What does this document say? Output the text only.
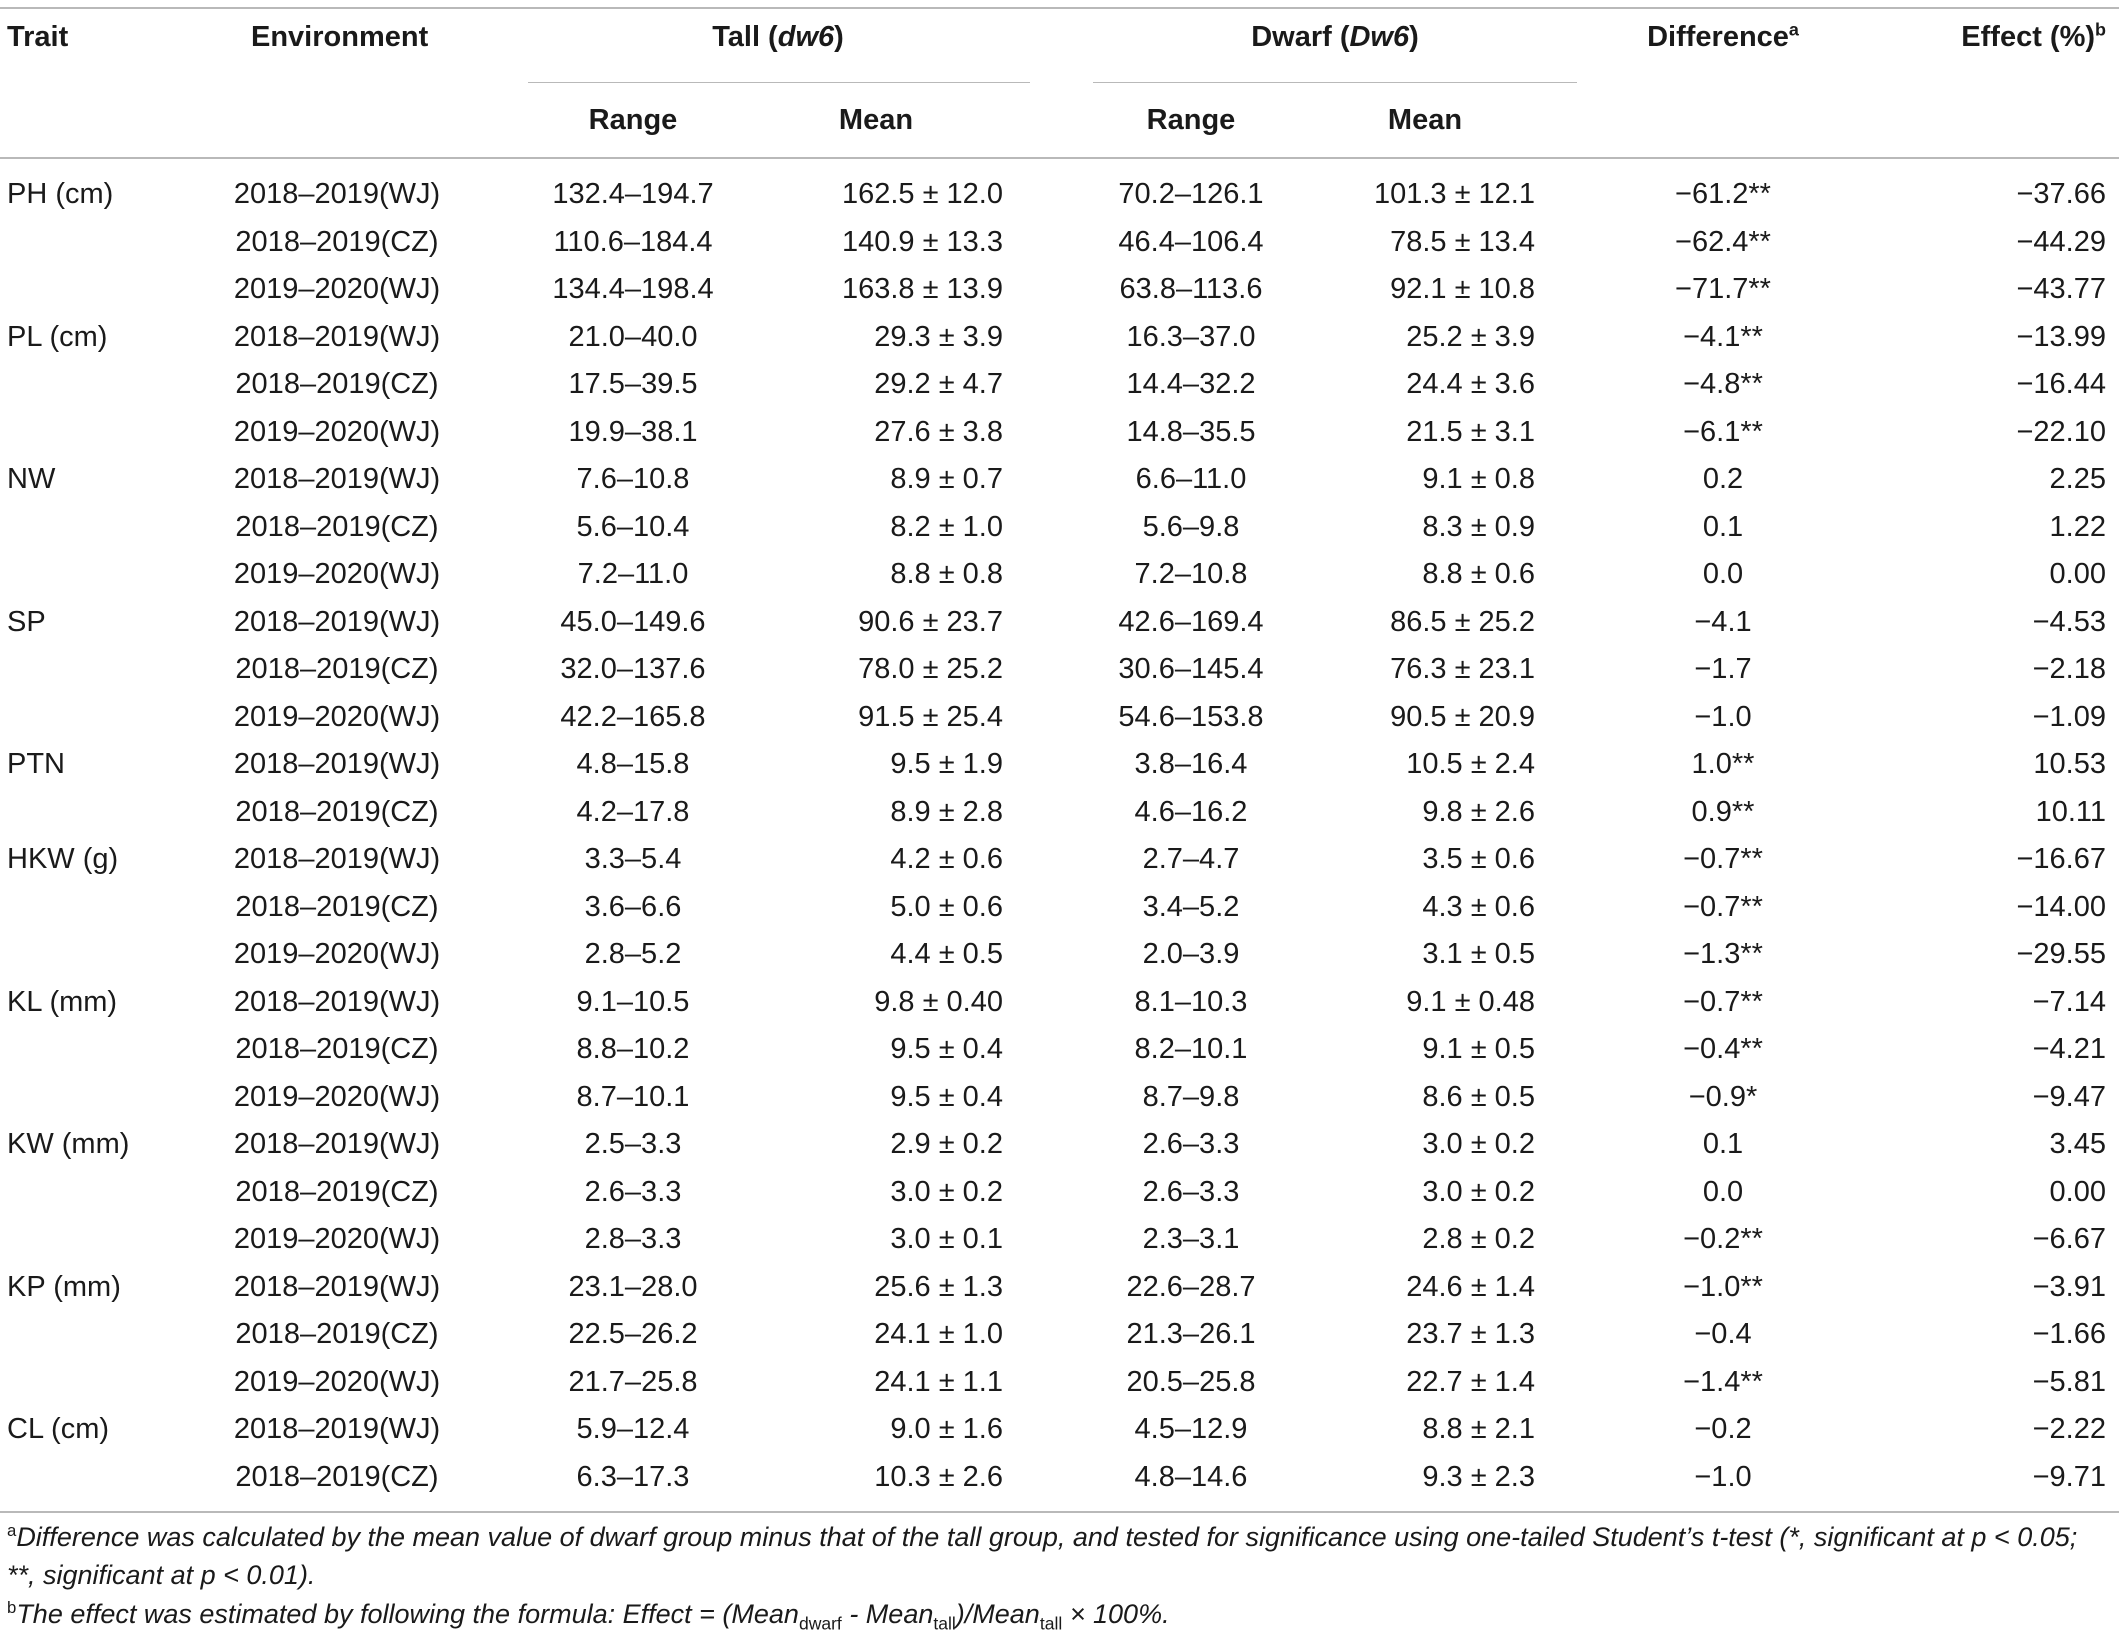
Trait	Environment	Tall (dw6)	Dwarf (Dw6)	Difference$^a$	Effect (%)$^b$
Range	Mean	Range	Mean
PH (cm)	2018–2019(WJ)	132.4–194.7	162.5 ± 12.0	70.2–126.1	101.3 ± 12.1	−61.2**	−37.66
2018–2019(CZ)	110.6–184.4	140.9 ± 13.3	46.4–106.4	78.5 ± 13.4	−62.4**	−44.29
2019–2020(WJ)	134.4–198.4	163.8 ± 13.9	63.8–113.6	92.1 ± 10.8	−71.7**	−43.77
PL (cm)	2018–2019(WJ)	21.0–40.0	29.3 ± 3.9	16.3–37.0	25.2 ± 3.9	−4.1**	−13.99
2018–2019(CZ)	17.5–39.5	29.2 ± 4.7	14.4–32.2	24.4 ± 3.6	−4.8**	−16.44
2019–2020(WJ)	19.9–38.1	27.6 ± 3.8	14.8–35.5	21.5 ± 3.1	−6.1**	−22.10
NW	2018–2019(WJ)	7.6–10.8	8.9 ± 0.7	6.6–11.0	9.1 ± 0.8	0.2	2.25
2018–2019(CZ)	5.6–10.4	8.2 ± 1.0	5.6–9.8	8.3 ± 0.9	0.1	1.22
2019–2020(WJ)	7.2–11.0	8.8 ± 0.8	7.2–10.8	8.8 ± 0.6	0.0	0.00
SP	2018–2019(WJ)	45.0–149.6	90.6 ± 23.7	42.6–169.4	86.5 ± 25.2	−4.1	−4.53
2018–2019(CZ)	32.0–137.6	78.0 ± 25.2	30.6–145.4	76.3 ± 23.1	−1.7	−2.18
2019–2020(WJ)	42.2–165.8	91.5 ± 25.4	54.6–153.8	90.5 ± 20.9	−1.0	−1.09
PTN	2018–2019(WJ)	4.8–15.8	9.5 ± 1.9	3.8–16.4	10.5 ± 2.4	1.0**	10.53
2018–2019(CZ)	4.2–17.8	8.9 ± 2.8	4.6–16.2	9.8 ± 2.6	0.9**	10.11
HKW (g)	2018–2019(WJ)	3.3–5.4	4.2 ± 0.6	2.7–4.7	3.5 ± 0.6	−0.7**	−16.67
2018–2019(CZ)	3.6–6.6	5.0 ± 0.6	3.4–5.2	4.3 ± 0.6	−0.7**	−14.00
2019–2020(WJ)	2.8–5.2	4.4 ± 0.5	2.0–3.9	3.1 ± 0.5	−1.3**	−29.55
KL (mm)	2018–2019(WJ)	9.1–10.5	9.8 ± 0.40	8.1–10.3	9.1 ± 0.48	−0.7**	−7.14
2018–2019(CZ)	8.8–10.2	9.5 ± 0.4	8.2–10.1	9.1 ± 0.5	−0.4**	−4.21
2019–2020(WJ)	8.7–10.1	9.5 ± 0.4	8.7–9.8	8.6 ± 0.5	−0.9*	−9.47
KW (mm)	2018–2019(WJ)	2.5–3.3	2.9 ± 0.2	2.6–3.3	3.0 ± 0.2	0.1	3.45
2018–2019(CZ)	2.6–3.3	3.0 ± 0.2	2.6–3.3	3.0 ± 0.2	0.0	0.00
2019–2020(WJ)	2.8–3.3	3.0 ± 0.1	2.3–3.1	2.8 ± 0.2	−0.2**	−6.67
KP (mm)	2018–2019(WJ)	23.1–28.0	25.6 ± 1.3	22.6–28.7	24.6 ± 1.4	−1.0**	−3.91
2018–2019(CZ)	22.5–26.2	24.1 ± 1.0	21.3–26.1	23.7 ± 1.3	−0.4	−1.66
2019–2020(WJ)	21.7–25.8	24.1 ± 1.1	20.5–25.8	22.7 ± 1.4	−1.4**	−5.81
CL (cm)	2018–2019(WJ)	5.9–12.4	9.0 ± 1.6	4.5–12.9	8.8 ± 2.1	−0.2	−2.22
2018–2019(CZ)	6.3–17.3	10.3 ± 2.6	4.8–14.6	9.3 ± 2.3	−1.0	−9.71
$^a$Difference was calculated by the mean value of dwarf group minus that of the tall group, and tested for significance using one-tailed Student’s t-test (*, significant at p < 0.05; **, significant at p < 0.01).
$^b$The effect was estimated by following the formula: Effect = (Mean$_{dwarf}$ - Mean$_{tall}$)/Mean$_{tall}$ × 100%.
